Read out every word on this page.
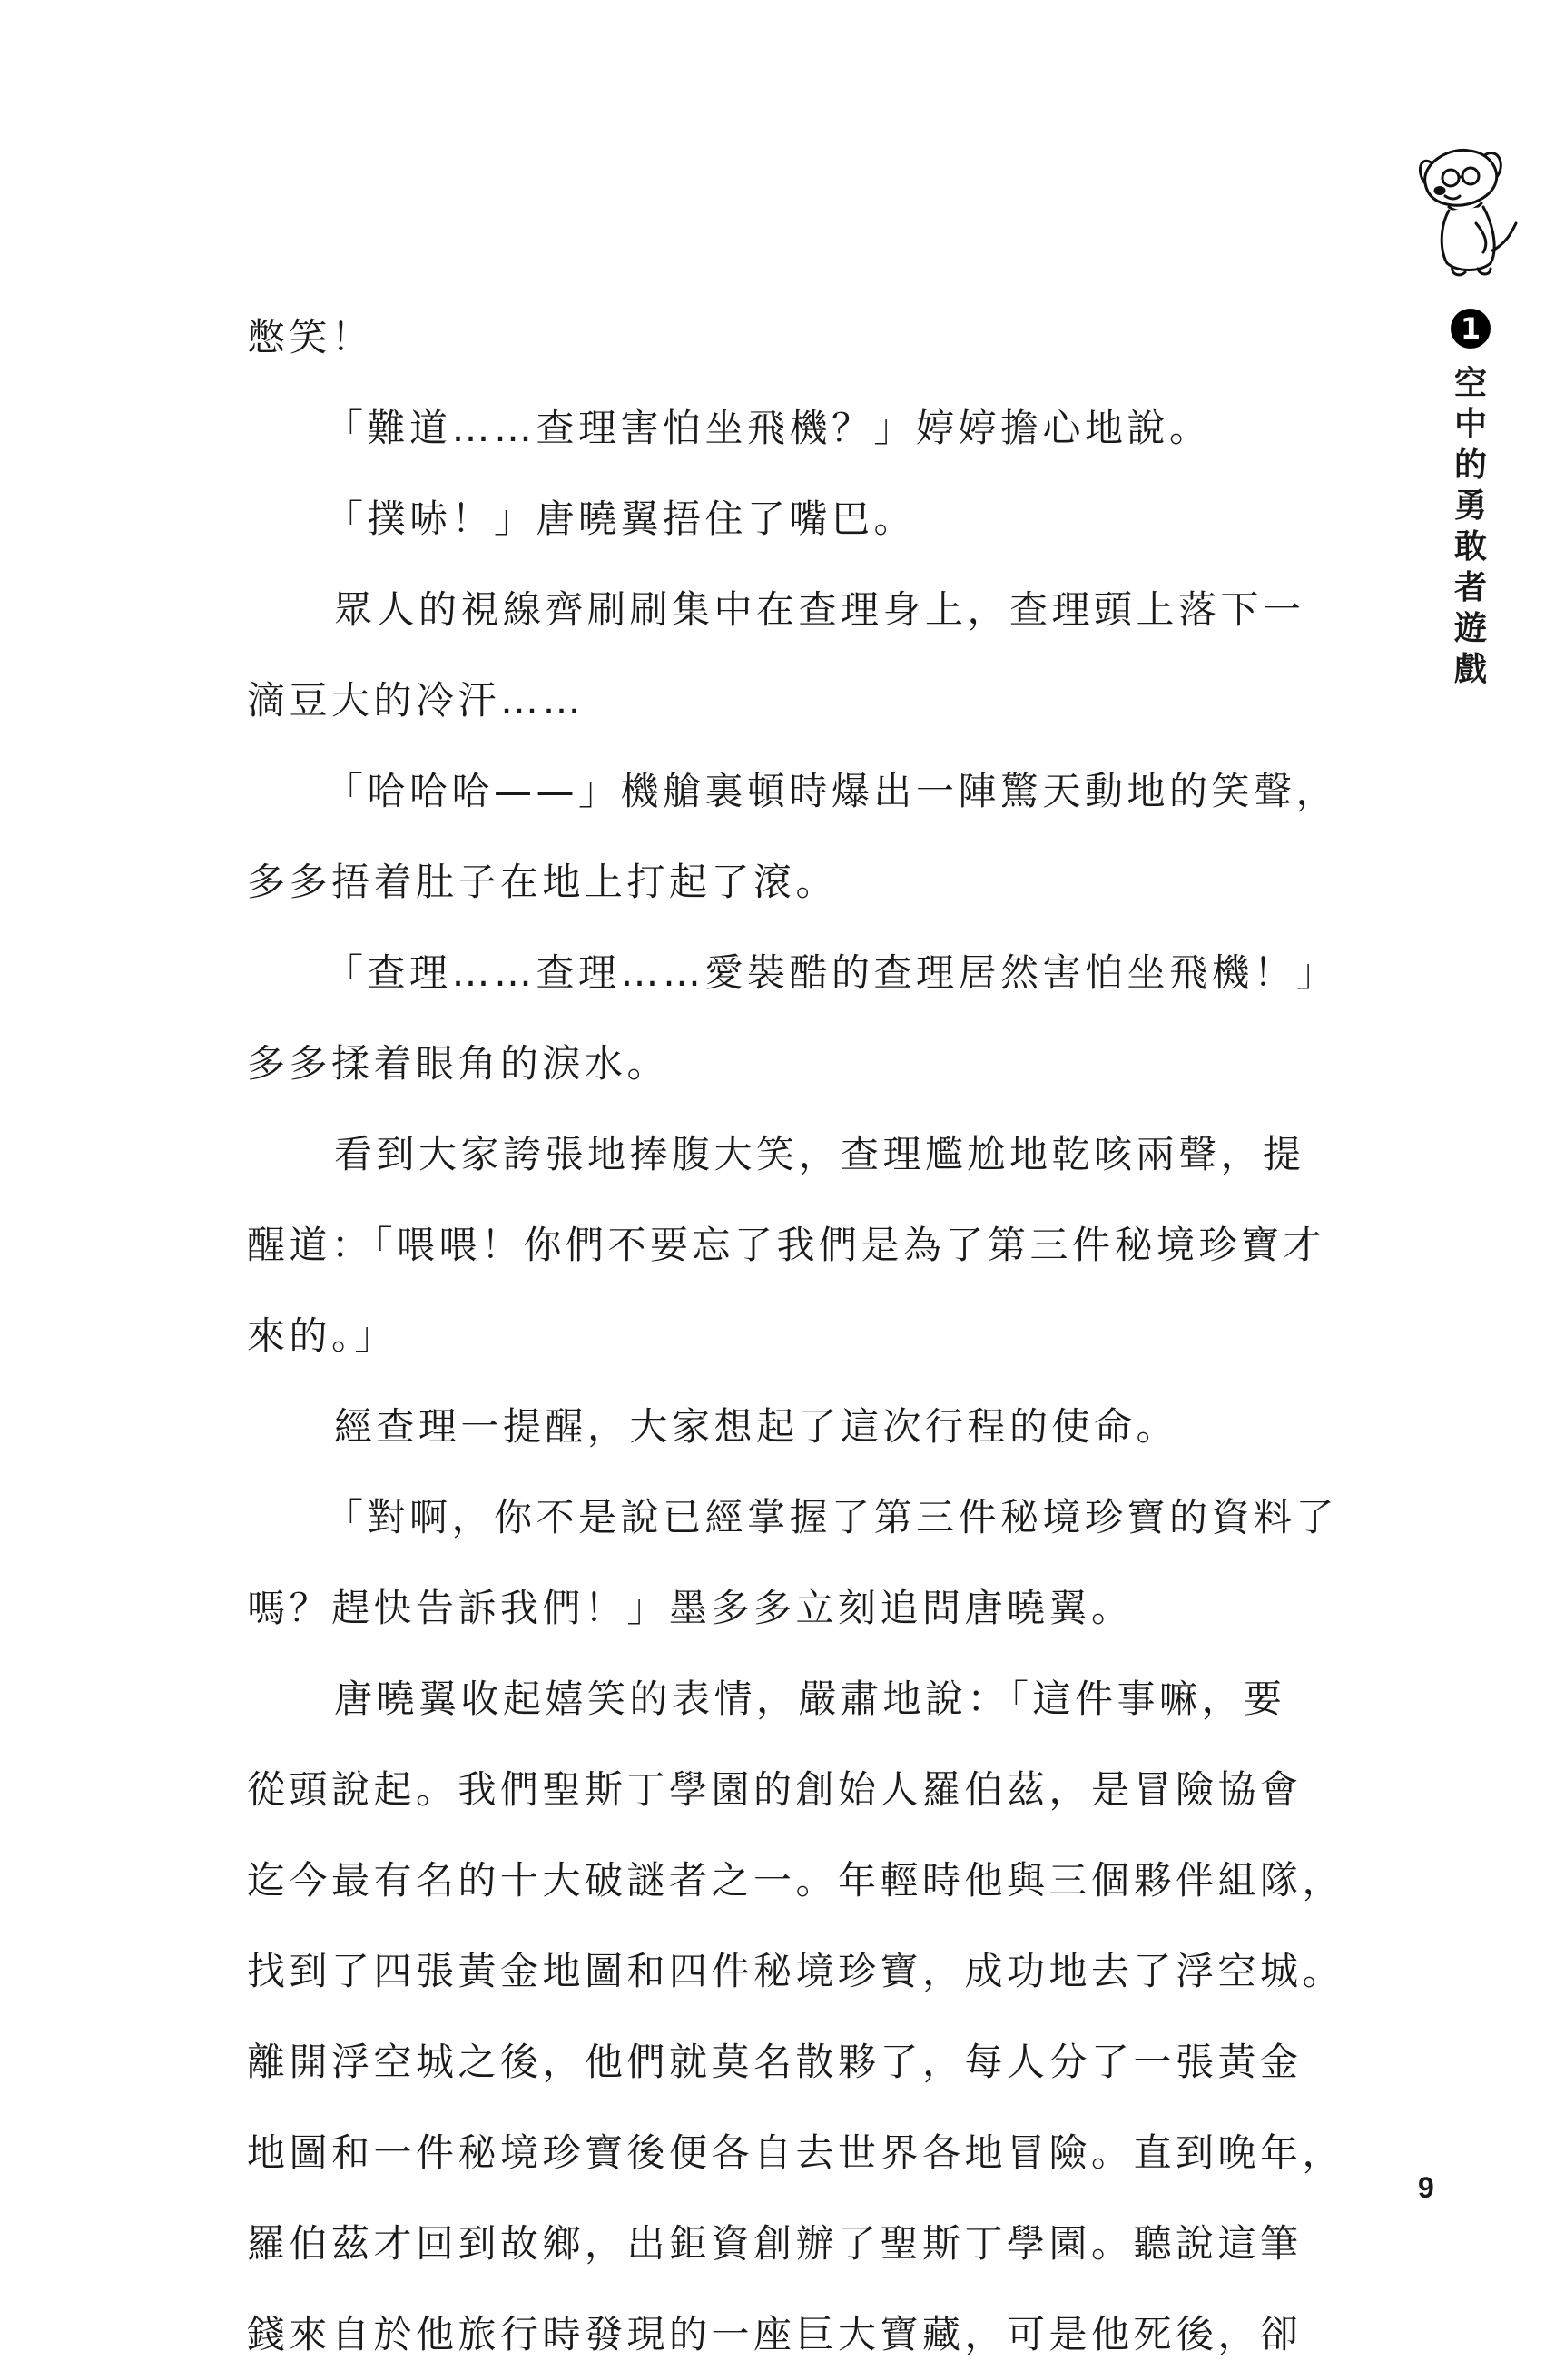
憋笑！
「難道……查理害怕坐飛機？」婷婷擔心地說。
「撲哧！」唐曉翼捂住了嘴巴。
眾人的視線齊刷刷集中在查理身上，查理頭上落下一
滴豆大的冷汗……
「哈哈哈——」機艙裏頓時爆出一陣驚天動地的笑聲，
多多捂着肚子在地上打起了滾。
「查理……查理……愛裝酷的查理居然害怕坐飛機！」
多多揉着眼角的淚水。
看到大家誇張地捧腹大笑，查理尷尬地乾咳兩聲，提
醒道：「喂喂！你們不要忘了我們是為了第三件秘境珍寶才
來的。」
經查理一提醒，大家想起了這次行程的使命。
「對啊，你不是說已經掌握了第三件秘境珍寶的資料了
嗎？趕快告訴我們！」墨多多立刻追問唐曉翼。
唐曉翼收起嬉笑的表情，嚴肅地說：「這件事嘛，要
從頭說起。我們聖斯丁學園的創始人羅伯茲，是冒險協會
迄今最有名的十大破謎者之一。年輕時他與三個夥伴組隊，
找到了四張黃金地圖和四件秘境珍寶，成功地去了浮空城。
離開浮空城之後，他們就莫名散夥了，每人分了一張黃金
地圖和一件秘境珍寶後便各自去世界各地冒險。直到晚年，
羅伯茲才回到故鄉，出鉅資創辦了聖斯丁學園。聽說這筆
錢來自於他旅行時發現的一座巨大寶藏，可是他死後，卻
1
空中的勇敢者遊戲
9
